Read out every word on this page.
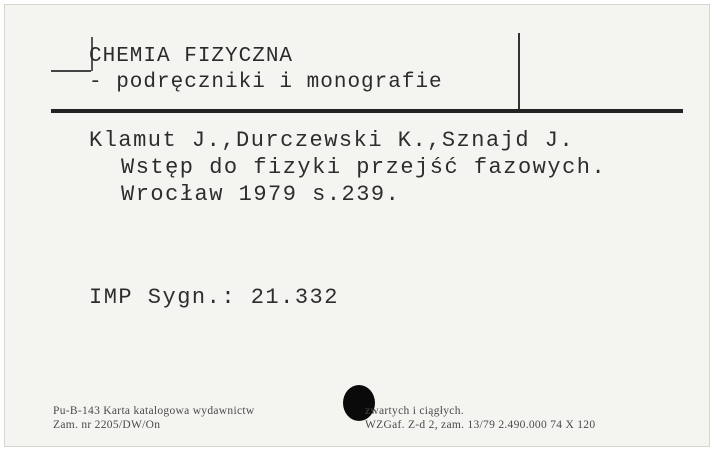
CHEMIA FIZYCZNA
- podręczniki i monografie
Klamut J.,Durczewski K.,Sznajd J.
Wstęp do fizyki przejść fazowych.
Wrocław 1979 s.239.
IMP Sygn.: 21.332
Pu-B-143 Karta katalogowa wydawnictw
Zam. nr 2205/DW/On
zwartych i ciągłych.
WZGaf. Z-d 2, zam. 13/79 2.490.000 74 X 120
